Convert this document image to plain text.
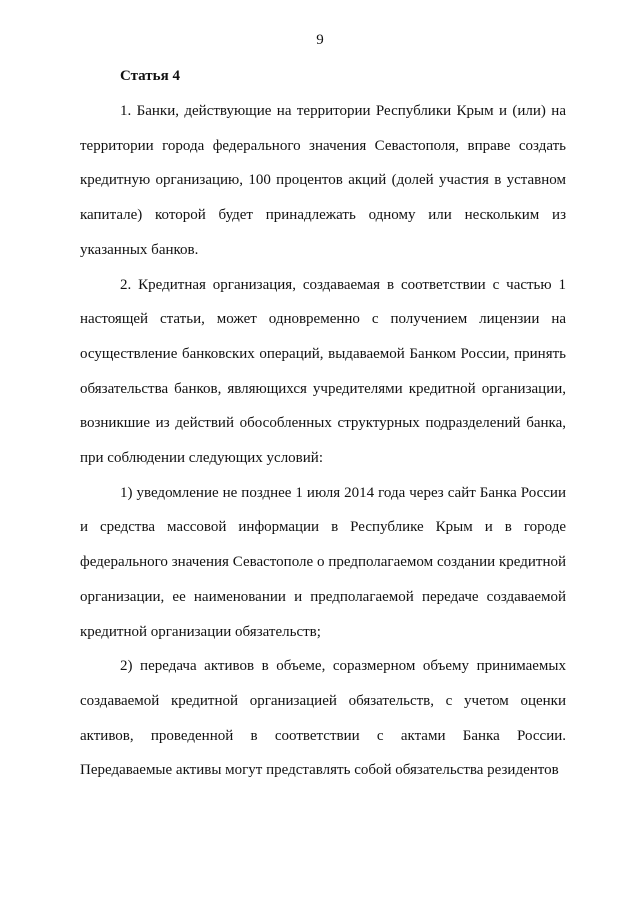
9
Статья 4

1. Банки, действующие на территории Республики Крым и (или) на территории города федерального значения Севастополя, вправе создать кредитную организацию, 100 процентов акций (долей участия в уставном капитале) которой будет принадлежать одному или нескольким из указанных банков.

2. Кредитная организация, создаваемая в соответствии с частью 1 настоящей статьи, может одновременно с получением лицензии на осуществление банковских операций, выдаваемой Банком России, принять обязательства банков, являющихся учредителями кредитной организации, возникшие из действий обособленных структурных подразделений банка, при соблюдении следующих условий:

1) уведомление не позднее 1 июля 2014 года через сайт Банка России и средства массовой информации в Республике Крым и в городе федерального значения Севастополе о предполагаемом создании кредитной организации, ее наименовании и предполагаемой передаче создаваемой кредитной организации обязательств;

2) передача активов в объеме, соразмерном объему принимаемых создаваемой кредитной организацией обязательств, с учетом оценки активов, проведенной в соответствии с актами Банка России. Передаваемые активы могут представлять собой обязательства резидентов
